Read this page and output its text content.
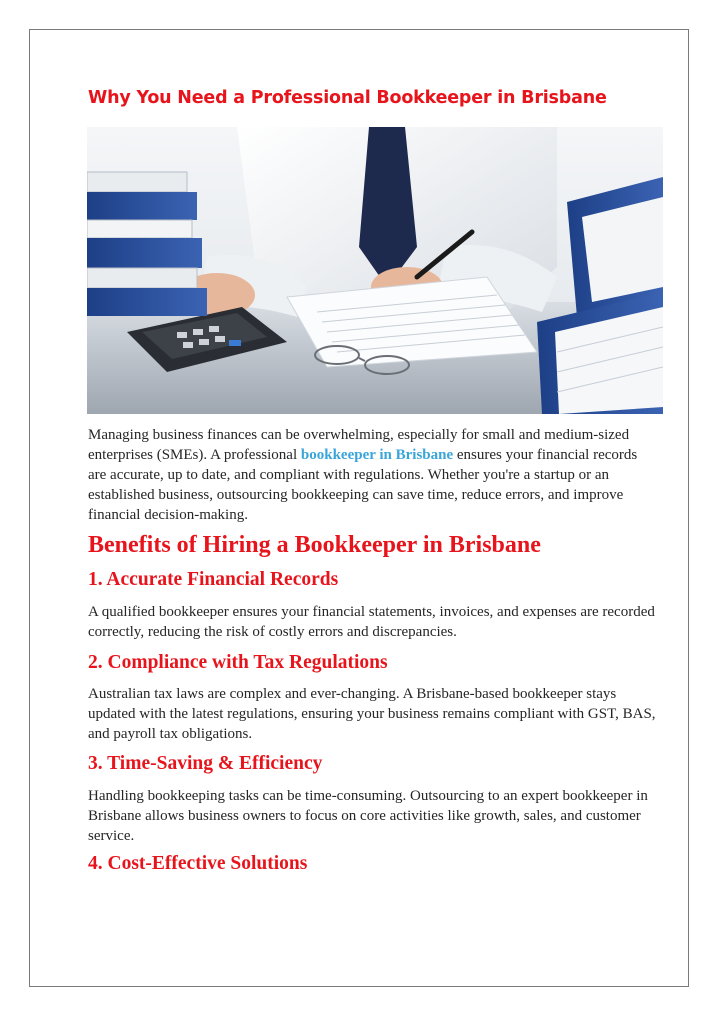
Why You Need a Professional Bookkeeper in Brisbane

Managing business finances can be overwhelming, especially for small and medium-sized enterprises (SMEs). A professional bookkeeper in Brisbane ensures your financial records are accurate, up to date, and compliant with regulations. Whether you're a startup or an established business, outsourcing bookkeeping can save time, reduce errors, and improve financial decision-making.

Benefits of Hiring a Bookkeeper in Brisbane
1. Accurate Financial Records

A qualified bookkeeper ensures your financial statements, invoices, and expenses are recorded correctly, reducing the risk of costly errors and discrepancies.

2. Compliance with Tax Regulations

Australian tax laws are complex and ever-changing. A Brisbane-based bookkeeper stays updated with the latest regulations, ensuring your business remains compliant with GST, BAS, and payroll tax obligations.

3. Time-Saving & Efficiency

Handling bookkeeping tasks can be time-consuming. Outsourcing to an expert bookkeeper in Brisbane allows business owners to focus on core activities like growth, sales, and customer service.

4. Cost-Effective Solutions
